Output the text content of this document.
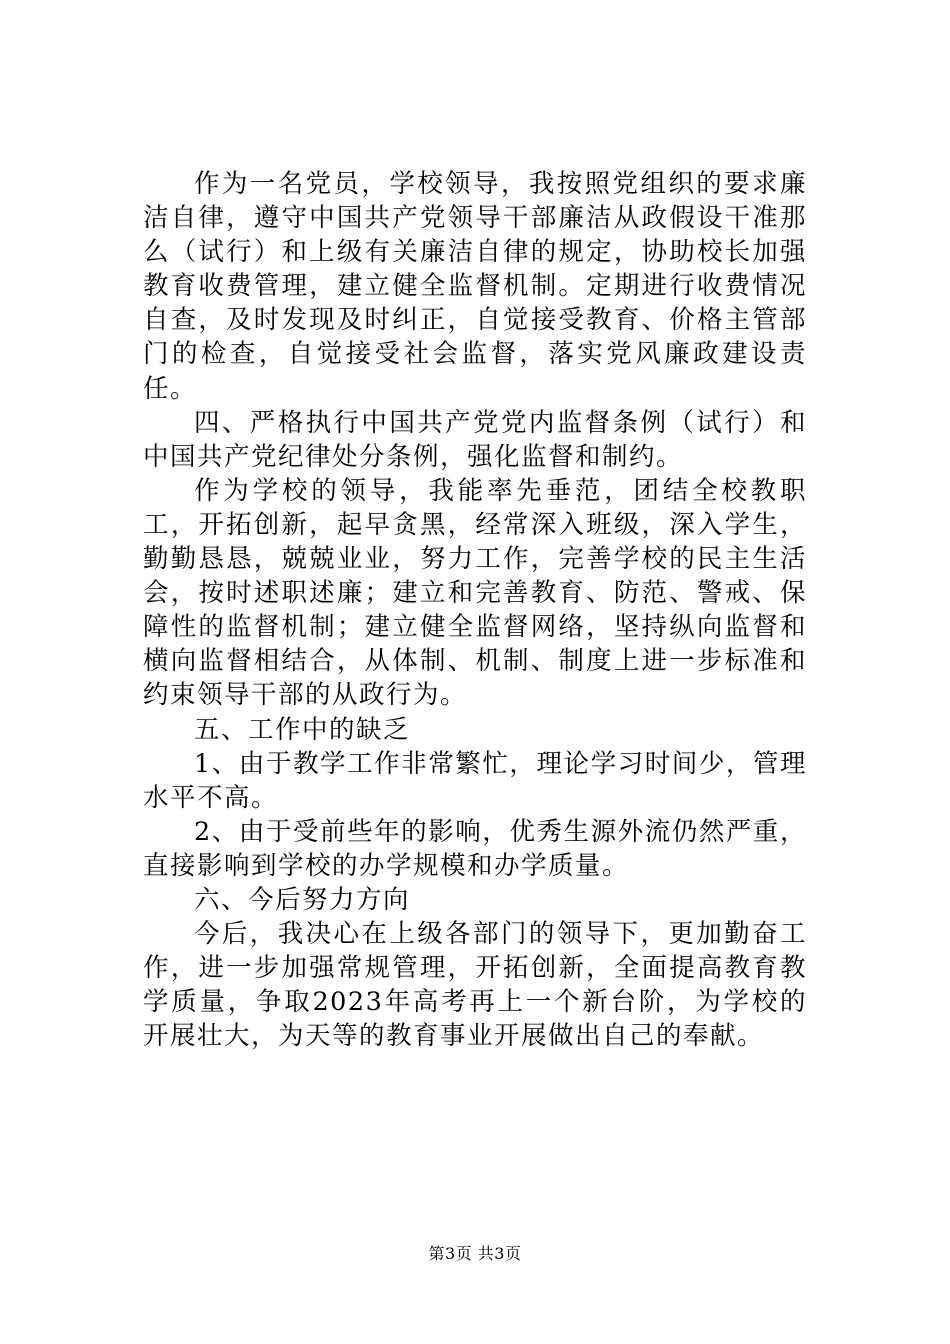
作为一名党员，学校领导，我按照党组织的要求廉洁自律，遵守中国共产党领导干部廉洁从政假设干准那么（试行）和上级有关廉洁自律的规定，协助校长加强教育收费管理，建立健全监督机制。定期进行收费情况自查，及时发现及时纠正，自觉接受教育、价格主管部门的检查，自觉接受社会监督，落实党风廉政建设责任。

四、严格执行中国共产党党内监督条例（试行）和中国共产党纪律处分条例，强化监督和制约。

作为学校的领导，我能率先垂范，团结全校教职工，开拓创新，起早贪黑，经常深入班级，深入学生，勤勤恳恳，兢兢业业，努力工作，完善学校的民主生活会，按时述职述廉；建立和完善教育、防范、警戒、保障性的监督机制；建立健全监督网络，坚持纵向监督和横向监督相结合，从体制、机制、制度上进一步标准和约束领导干部的从政行为。

五、工作中的缺乏

1、由于教学工作非常繁忙，理论学习时间少，管理水平不高。

2、由于受前些年的影响，优秀生源外流仍然严重，直接影响到学校的办学规模和办学质量。

六、今后努力方向

今后，我决心在上级各部门的领导下，更加勤奋工作，进一步加强常规管理，开拓创新，全面提高教育教学质量，争取2023年高考再上一个新台阶，为学校的开展壮大，为天等的教育事业开展做出自己的奉献。

第3页 共3页
